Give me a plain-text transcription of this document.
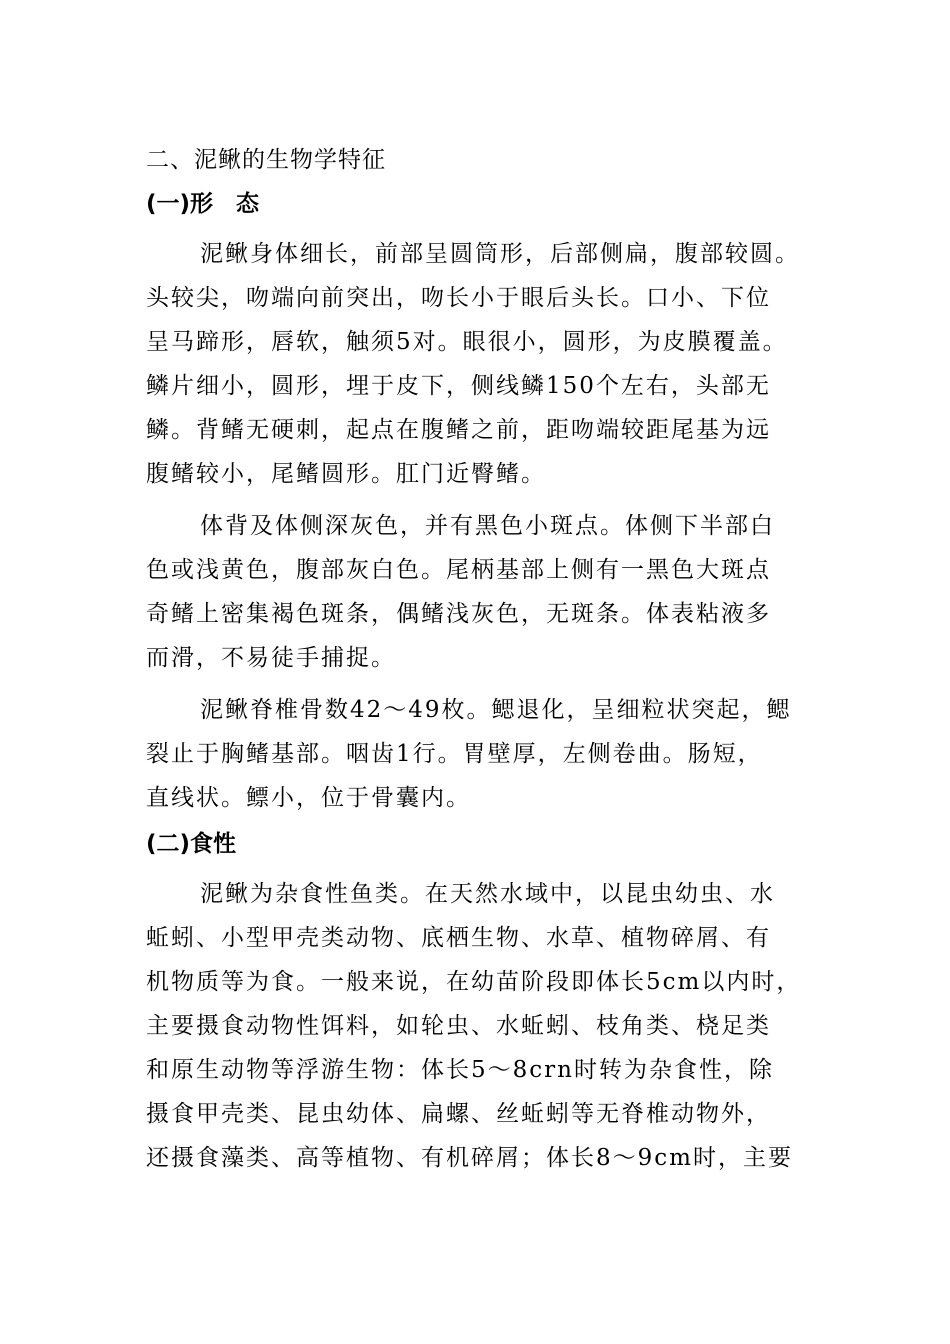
二、泥鳅的生物学特征
(一)形　态
泥鳅身体细长，前部呈圆筒形，后部侧扁，腹部较圆。
头较尖，吻端向前突出，吻长小于眼后头长。口小、下位
呈马蹄形，唇软，触须5对。眼很小，圆形，为皮膜覆盖。
鳞片细小，圆形，埋于皮下，侧线鳞150个左右，头部无
鳞。背鳍无硬刺，起点在腹鳍之前，距吻端较距尾基为远
腹鳍较小，尾鳍圆形。肛门近臀鳍。
体背及体侧深灰色，并有黑色小斑点。体侧下半部白
色或浅黄色，腹部灰白色。尾柄基部上侧有一黑色大斑点
奇鳍上密集褐色斑条，偶鳍浅灰色，无斑条。体表粘液多
而滑，不易徒手捕捉。
泥鳅脊椎骨数42～49枚。鳃退化，呈细粒状突起，鳃
裂止于胸鳍基部。咽齿1行。胃壁厚，左侧卷曲。肠短，
直线状。鳔小，位于骨囊内。
(二)食性
泥鳅为杂食性鱼类。在天然水域中，以昆虫幼虫、水
蚯蚓、小型甲壳类动物、底栖生物、水草、植物碎屑、有
机物质等为食。一般来说，在幼苗阶段即体长5cm以内时，
主要摄食动物性饵料，如轮虫、水蚯蚓、枝角类、桡足类
和原生动物等浮游生物：体长5～8crn时转为杂食性，除
摄食甲壳类、昆虫幼体、扁螺、丝蚯蚓等无脊椎动物外，
还摄食藻类、高等植物、有机碎屑；体长8～9cm时，主要
